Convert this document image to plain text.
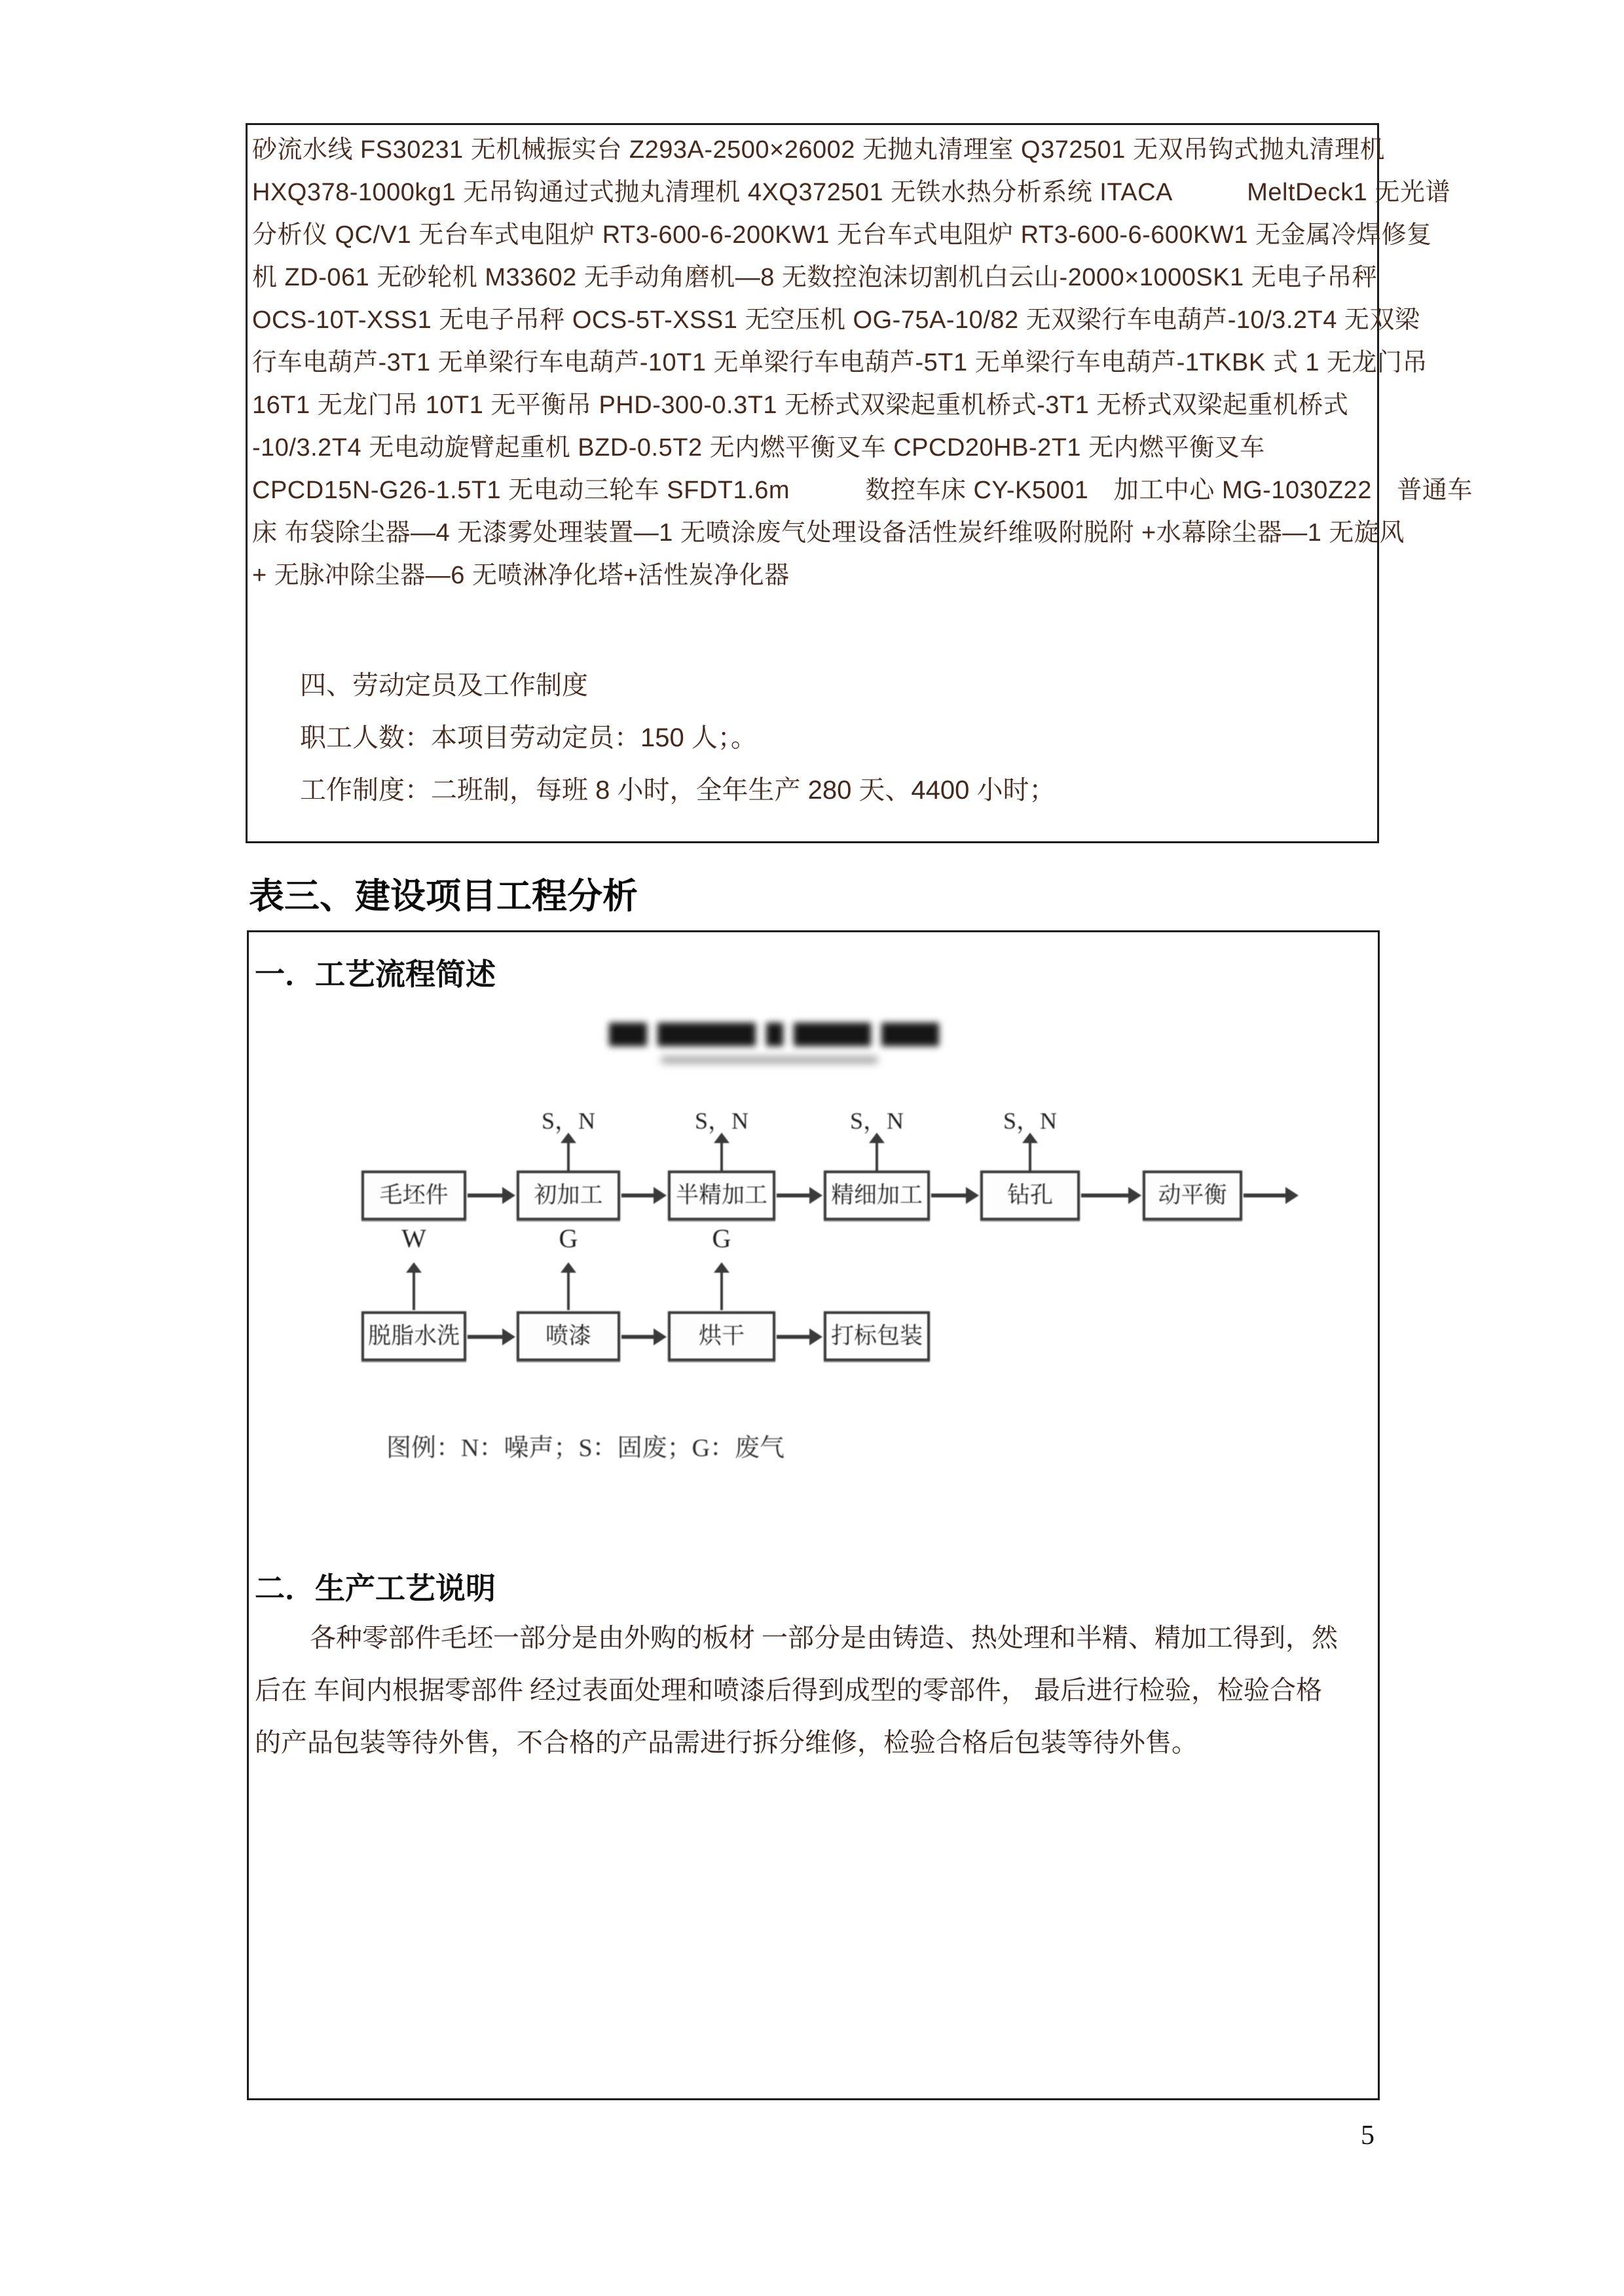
砂流水线 FS30231 无机械振实台 Z293A-2500×26002 无抛丸清理室 Q372501 无双吊钩式抛丸清理机
HXQ378-1000kg1 无吊钩通过式抛丸清理机 4XQ372501 无铁水热分析系统 ITACA　　　MeltDeck1 无光谱
分析仪 QC/V1 无台车式电阻炉 RT3-600-6-200KW1 无台车式电阻炉 RT3-600-6-600KW1 无金属冷焊修复
机 ZD-061 无砂轮机 M33602 无手动角磨机—8 无数控泡沫切割机白云山-2000×1000SK1 无电子吊秤
OCS-10T-XSS1 无电子吊秤 OCS-5T-XSS1 无空压机 OG-75A-10/82 无双梁行车电葫芦-10/3.2T4 无双梁
行车电葫芦-3T1 无单梁行车电葫芦-10T1 无单梁行车电葫芦-5T1 无单梁行车电葫芦-1TKBK 式 1 无龙门吊
16T1 无龙门吊 10T1 无平衡吊 PHD-300-0.3T1 无桥式双梁起重机桥式-3T1 无桥式双梁起重机桥式
-10/3.2T4 无电动旋臂起重机 BZD-0.5T2 无内燃平衡叉车 CPCD20HB-2T1 无内燃平衡叉车
CPCD15N-G26-1.5T1 无电动三轮车 SFDT1.6m　　　数控车床 CY-K5001　加工中心 MG-1030Z22　普通车
床 布袋除尘器—4 无漆雾处理装置—1 无喷涂废气处理设备活性炭纤维吸附脱附 +水幕除尘器—1 无旋风
+ 无脉冲除尘器—6 无喷淋净化塔+活性炭净化器
四、劳动定员及工作制度
职工人数：本项目劳动定员：150 人；。
工作制度：二班制，每班 8 小时，全年生产 280 天、4400 小时；
表三、建设项目工程分析
一．工艺流程简述
S，N	S，N	S，N	S，N
毛坯件	初加工	半精加工	精细加工	钻孔	动平衡
W	G	G
脱脂水洗	喷漆	烘干	打标包装
图例：N：噪声；S：固废；G：废气
二．生产工艺说明
各种零部件毛坯一部分是由外购的板材 一部分是由铸造、热处理和半精、精加工得到，然
后在 车间内根据零部件 经过表面处理和喷漆后得到成型的零部件， 最后进行检验，检验合格
的产品包装等待外售，不合格的产品需进行拆分维修，检验合格后包装等待外售。
5
